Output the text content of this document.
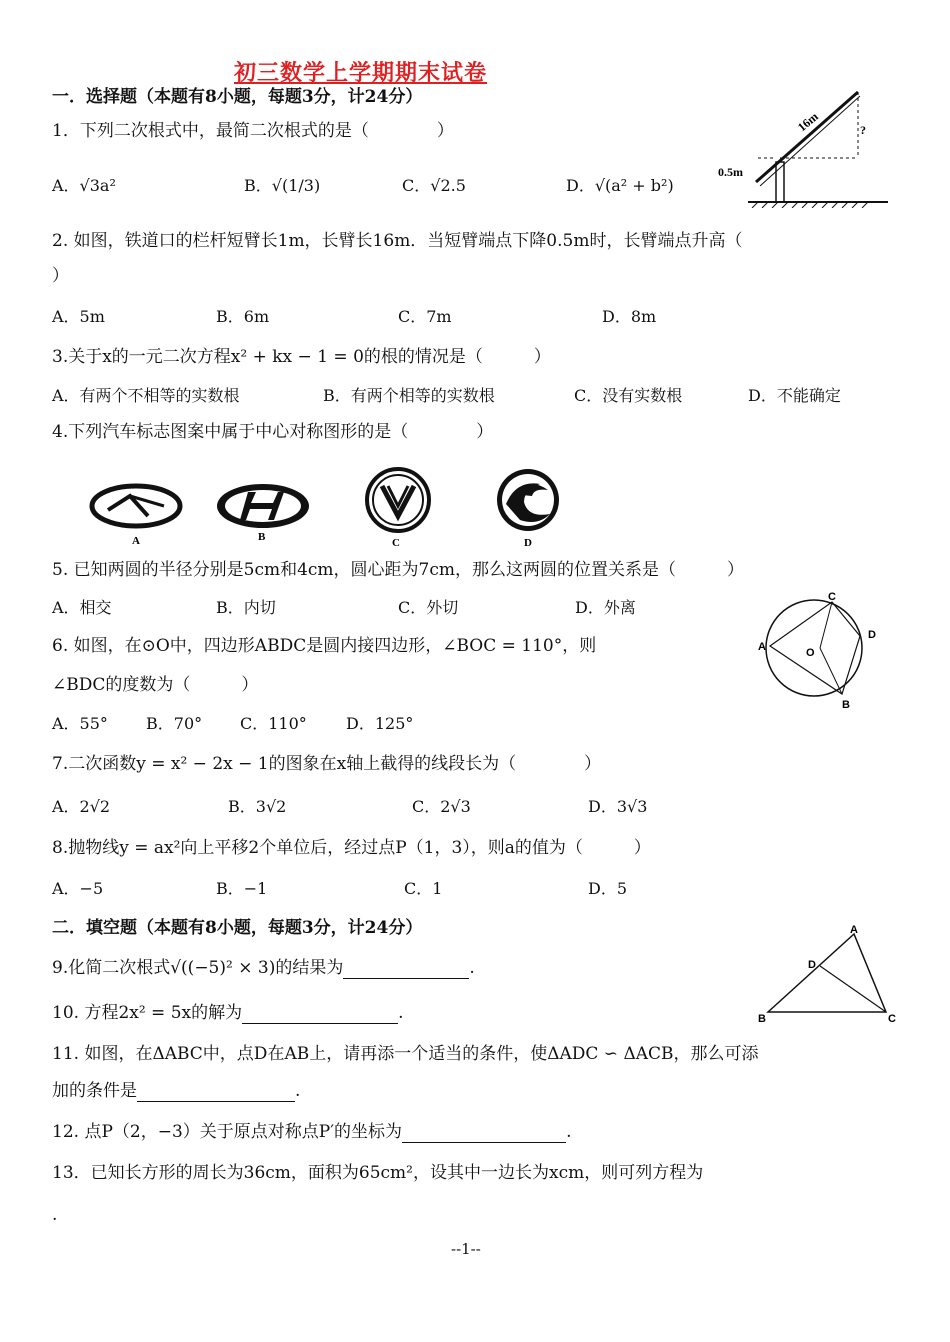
初三数学上学期期末试卷
一．选择题（本题有8小题，每题3分，计24分）
1．下列二次根式中，最简二次根式的是（　　　　）
A．√3a²	B．√(1/3)	C．√2.5	D．√(a² + b²)
16m
0.5m
?
2. 如图，铁道口的栏杆短臂长1m，长臂长16m．当短臂端点下降0.5m时，长臂端点升高（
）
A．5m	B．6m	C．7m	D．8m
3.关于x的一元二次方程x² + kx − 1 = 0的根的情况是（　　　）
A．有两个不相等的实数根	B．有两个相等的实数根	C．没有实数根	D．不能确定
4.下列汽车标志图案中属于中心对称图形的是（　　　　）
A	B	C	D
5. 已知两圆的半径分别是5cm和4cm，圆心距为7cm，那么这两圆的位置关系是（　　　）
A．相交	B．内切	C．外切	D．外离
A
C
D
B
O
6. 如图，在⊙O中，四边形ABDC是圆内接四边形，∠BOC = 110°，则
∠BDC的度数为（　　　）
A．55° B．70° C．110° D．125°
7.二次函数y = x² − 2x − 1的图象在x轴上截得的线段长为（　　　　）
A．2√2	B．3√2	C．2√3	D．3√3
8.抛物线y = ax²向上平移2个单位后，经过点P（1，3），则a的值为（　　　）
A．−5	B．−1	C．1	D．5
二．填空题（本题有8小题，每题3分，计24分）	A
D
B	C
9.化简二次根式√((−5)² × 3)的结果为	.
10. 方程2x² = 5x的解为	.
11. 如图，在ΔABC中，点D在AB上，请再添一个适当的条件，使ΔADC ∽ ΔACB，那么可添
加的条件是	.
12. 点P（2，−3）关于原点对称点P′的坐标为	.
13．已知长方形的周长为36cm，面积为65cm²，设其中一边长为xcm，则可列方程为
.
--1--
